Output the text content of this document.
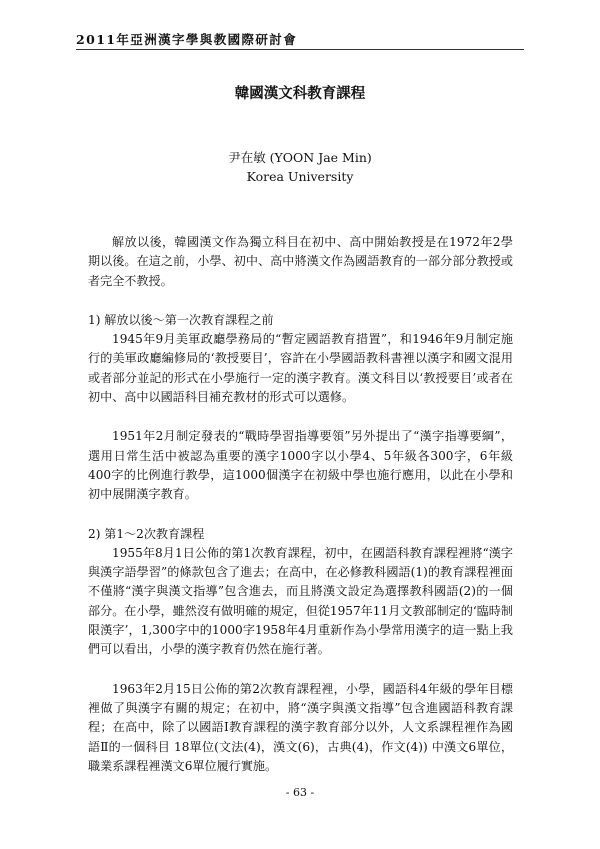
2011年亞洲漢字學與教國際研討會
韓國漢文科教育課程
尹在敏 (YOON Jae Min)
Korea University

解放以後，韓國漢文作為獨立科目在初中、高中開始教授是在1972年2學期以後。在這之前，小學、初中、高中將漢文作為國語教育的一部分部分教授或者完全不教授。

1) 解放以後～第一次教育課程之前

1945年9月美軍政廳學務局的“暫定國語教育措置”，和1946年9月制定施行的美軍政廳編修局的‘教授要目’，容許在小學國語教科書裡以漢字和國文混用或者部分並記的形式在小學施行一定的漢字教育。漢文科目以‘教授要目’或者在初中、高中以國語科目補充教材的形式可以選修。

1951年2月制定發表的“戰時學習指導要領”另外提出了“漢字指導要綱”，選用日常生活中被認為重要的漢字1000字以小學4、5年級各300字，6年級400字的比例進行教學，這1000個漢字在初級中學也施行應用，以此在小學和初中展開漢字教育。

2) 第1～2次教育課程

1955年8月1日公佈的第1次教育課程，初中，在國語科教育課程裡將“漢字與漢字語學習”的條款包含了進去；在高中，在必修教科國語(1)的教育課程裡面不僅將“漢字與漢文指導”包含進去，而且將漢文設定為選擇教科國語(2)的一個部分。在小學，雖然沒有做明確的規定，但從1957年11月文教部制定的‘臨時制限漢字’，1,300字中的1000字1958年4月重新作為小學常用漢字的這一點上我們可以看出，小學的漢字教育仍然在施行著。

1963年2月15日公佈的第2次教育課程裡，小學，國語科4年級的學年目標裡做了與漢字有關的規定；在初中，將“漢字與漢文指導”包含進國語科教育課程；在高中，除了以國語Ⅰ教育課程的漢字教育部分以外，人文系課程裡作為國語Ⅱ的一個科目 18單位(文法(4)，漢文(6)，古典(4)，作文(4)) 中漢文6單位，職業系課程裡漢文6單位履行實施。

- 63 -
